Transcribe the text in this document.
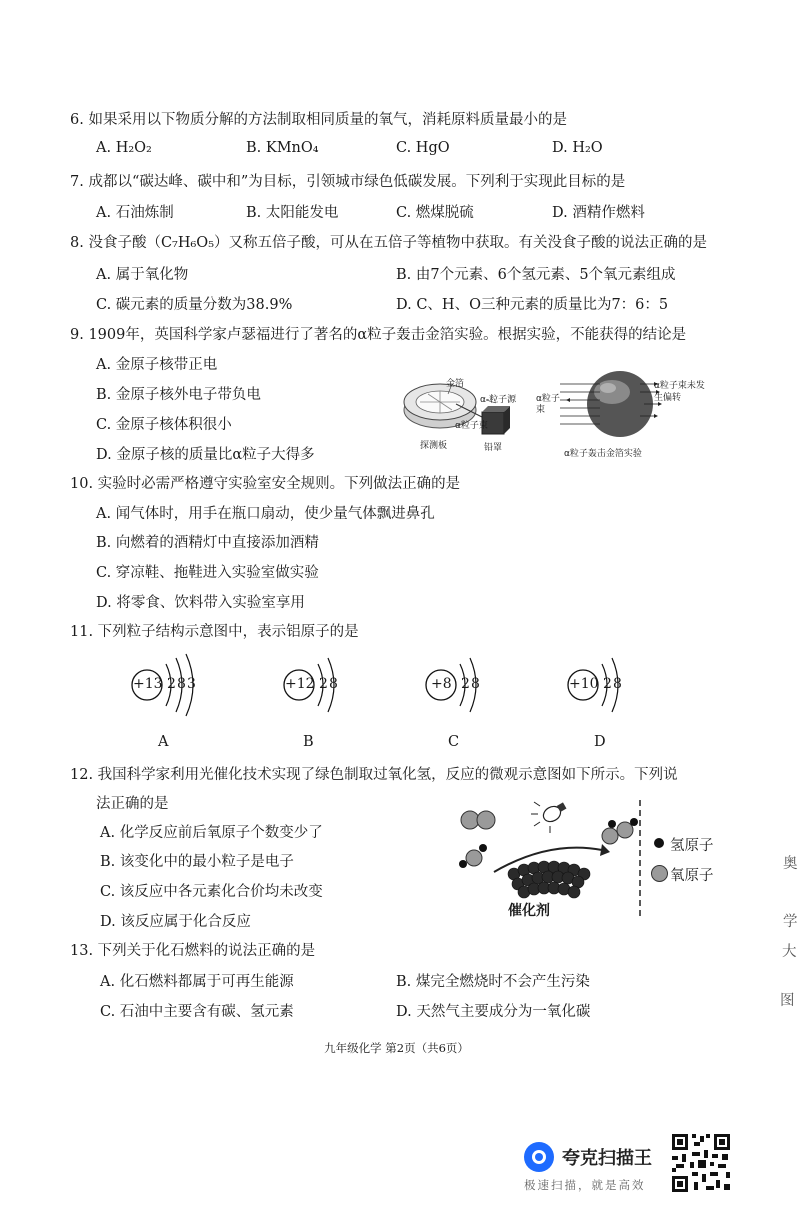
6. 如果采用以下物质分解的方法制取相同质量的氧气，消耗原料质量最小的是
A. H₂O₂	B. KMnO₄	C. HgO	D. H₂O
7. 成都以“碳达峰、碳中和”为目标，引领城市绿色低碳发展。下列利于实现此目标的是
A. 石油炼制	B. 太阳能发电	C. 燃煤脱硫	D. 酒精作燃料
8. 没食子酸（C₇H₆O₅）又称五倍子酸，可从在五倍子等植物中获取。有关没食子酸的说法正确的是
A. 属于氧化物	B. 由7个元素、6个氢元素、5个氧元素组成
C. 碳元素的质量分数为38.9%	D. C、H、O三种元素的质量比为7：6：5
9. 1909年，英国科学家卢瑟福进行了著名的α粒子轰击金箔实验。根据实验，不能获得的结论是
A. 金原子核带正电
B. 金原子核外电子带负电
C. 金原子核体积很小
D. 金原子核的质量比α粒子大得多
金箔
α-粒子源
α粒子束
铅罩
探测板
α粒子束
α粒子束未发生偏转
α粒子轰击金箔实验
10. 实验时必需严格遵守实验室安全规则。下列做法正确的是
A. 闻气体时，用手在瓶口扇动，使少量气体飘进鼻孔
B. 向燃着的酒精灯中直接添加酒精
C. 穿凉鞋、拖鞋进入实验室做实验
D. 将零食、饮料带入实验室享用
11. 下列粒子结构示意图中，表示铝原子的是
+13 2 8 3
A
+12 2 8
B
+8 2 8
C
+10 2 8
D
12. 我国科学家利用光催化技术实现了绿色制取过氧化氢，反应的微观示意图如下所示。下列说
法正确的是
A. 化学反应前后氧原子个数变少了
B. 该变化中的最小粒子是电子
C. 该反应中各元素化合价均未改变
D. 该反应属于化合反应
催化剂
氢原子
氧原子
13. 下列关于化石燃料的说法正确的是
A. 化石燃料都属于可再生能源	B. 煤完全燃烧时不会产生污染
C. 石油中主要含有碳、氢元素	D. 天然气主要成分为一氧化碳
九年级化学 第2页（共6页）
奥
学
大
图
夸克扫描王
极速扫描，就是高效
